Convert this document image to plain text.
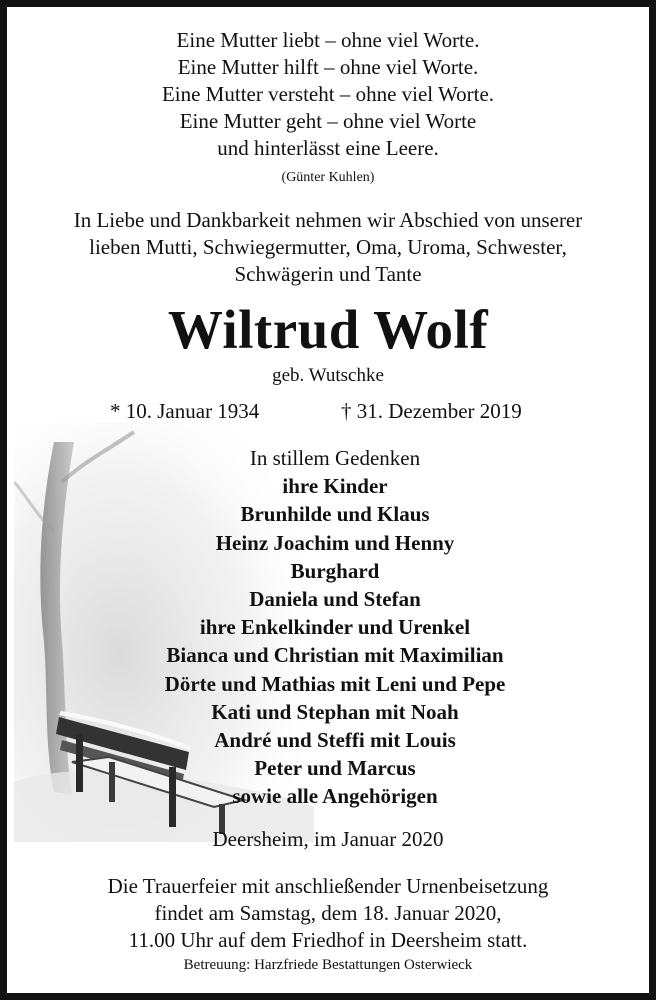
Eine Mutter liebt – ohne viel Worte.
Eine Mutter hilft – ohne viel Worte.
Eine Mutter versteht – ohne viel Worte.
Eine Mutter geht – ohne viel Worte
und hinterlässt eine Leere.
(Günter Kuhlen)
In Liebe und Dankbarkeit nehmen wir Abschied von unserer
lieben Mutti, Schwiegermutter, Oma, Uroma, Schwester,
Schwägerin und Tante
Wiltrud Wolf
geb. Wutschke
* 10. Januar 1934	† 31. Dezember 2019
In stillem Gedenken
ihre Kinder
Brunhilde und Klaus
Heinz Joachim und Henny
Burghard
Daniela und Stefan
ihre Enkelkinder und Urenkel
Bianca und Christian mit Maximilian
Dörte und Mathias mit Leni und Pepe
Kati und Stephan mit Noah
André und Steffi mit Louis
Peter und Marcus
sowie alle Angehörigen
Deersheim, im Januar 2020
Die Trauerfeier mit anschließender Urnenbeisetzung
findet am Samstag, dem 18. Januar 2020,
11.00 Uhr auf dem Friedhof in Deersheim statt.
Betreuung: Harzfriede Bestattungen Osterwieck
